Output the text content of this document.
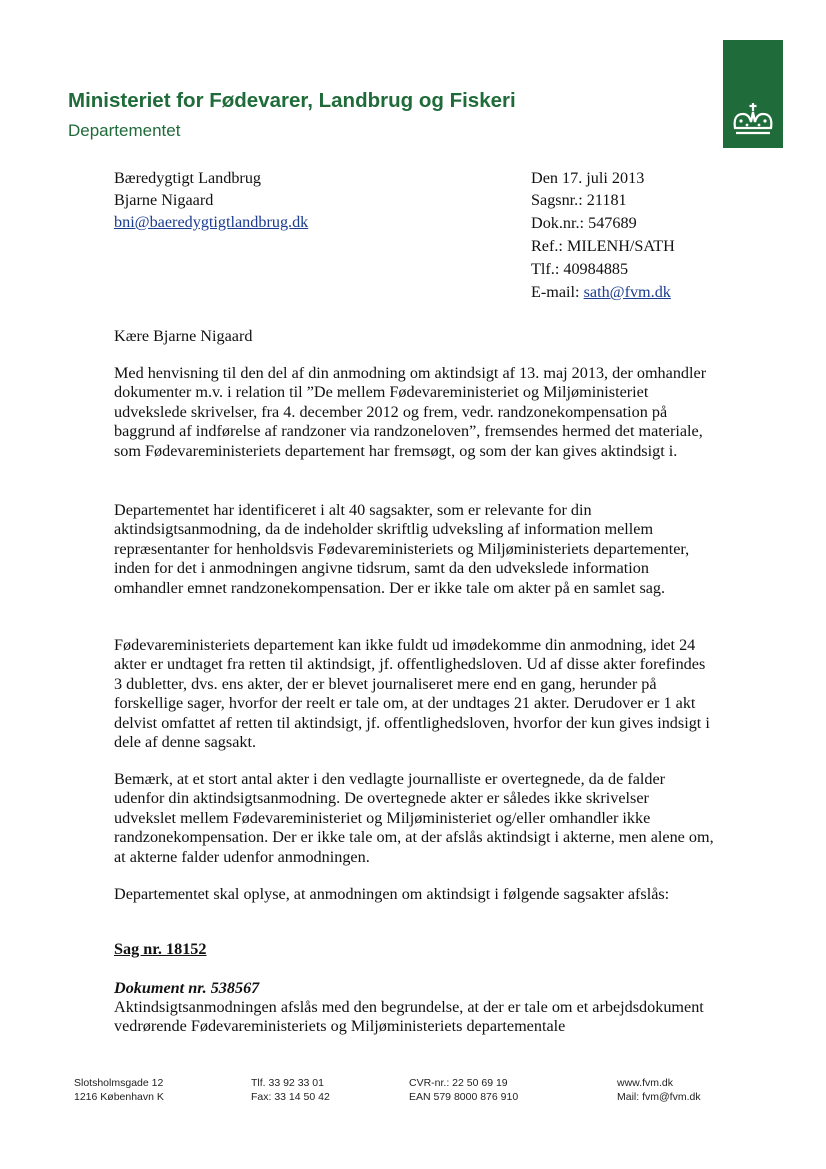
Ministeriet for Fødevarer, Landbrug og Fiskeri
Departementet
Bæredygtigt Landbrug
Bjarne Nigaard
bni@baeredygtigtlandbrug.dk
Den 17. juli 2013
Sagsnr.: 21181
Dok.nr.: 547689
Ref.: MILENH/SATH
Tlf.: 40984885
E-mail: sath@fvm.dk
Kære Bjarne Nigaard

Med henvisning til den del af din anmodning om aktindsigt af 13. maj 2013, der omhandler dokumenter m.v. i relation til ”De mellem Fødevareministeriet og Miljøministeriet udvekslede skrivelser, fra 4. december 2012 og frem, vedr. randzonekompensation på baggrund af indførelse af randzoner via randzoneloven”, fremsendes hermed det materiale, som Fødevareministeriets departement har fremsøgt, og som der kan gives aktindsigt i.

Departementet har identificeret i alt 40 sagsakter, som er relevante for din aktindsigtsanmodning, da de indeholder skriftlig udveksling af information mellem repræsentanter for henholdsvis Fødevareministeriets og Miljøministeriets departementer, inden for det i anmodningen angivne tidsrum, samt da den udvekslede information omhandler emnet randzonekompensation. Der er ikke tale om akter på en samlet sag.

Fødevareministeriets departement kan ikke fuldt ud imødekomme din anmodning, idet 24 akter er undtaget fra retten til aktindsigt, jf. offentlighedsloven. Ud af disse akter forefindes 3 dubletter, dvs. ens akter, der er blevet journaliseret mere end en gang, herunder på forskellige sager, hvorfor der reelt er tale om, at der undtages 21 akter. Derudover er 1 akt delvist omfattet af retten til aktindsigt, jf. offentlighedsloven, hvorfor der kun gives indsigt i dele af denne sagsakt.

Bemærk, at et stort antal akter i den vedlagte journalliste er overtegnede, da de falder udenfor din aktindsigtsanmodning. De overtegnede akter er således ikke skrivelser udvekslet mellem Fødevareministeriet og Miljøministeriet og/eller omhandler ikke randzonekompensation. Der er ikke tale om, at der afslås aktindsigt i akterne, men alene om, at akterne falder udenfor anmodningen.

Departementet skal oplyse, at anmodningen om aktindsigt i følgende sagsakter afslås:

Sag nr. 18152
Dokument nr. 538567

Aktindsigtsanmodningen afslås med den begrundelse, at der er tale om et arbejdsdokument vedrørende Fødevareministeriets og Miljøministeriets departementale

Slotsholmsgade 12
1216 København K
Tlf. 33 92 33 01
Fax: 33 14 50 42
CVR-nr.: 22 50 69 19
EAN 579 8000 876 910
www.fvm.dk
Mail: fvm@fvm.dk
